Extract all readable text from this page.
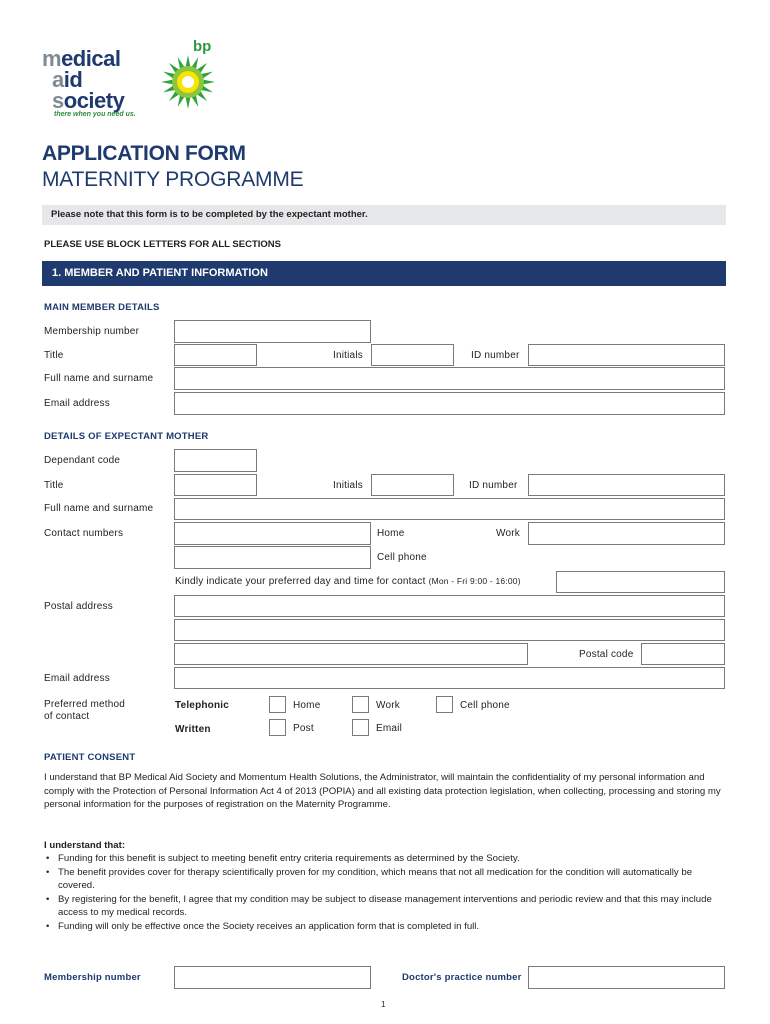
medical
aid
society
there when you need us.
bp
APPLICATION FORM
MATERNITY PROGRAMME
Please note that this form is to be completed by the expectant mother.
PLEASE USE BLOCK LETTERS FOR ALL SECTIONS
1. MEMBER AND PATIENT INFORMATION
MAIN MEMBER DETAILS
Membership number
Title	Initials	ID number
Full name and surname
Email address
DETAILS OF EXPECTANT MOTHER
Dependant code
Title	Initials	ID number
Full name and surname
Contact numbers	Home	Work
Cell phone
Kindly indicate your preferred day and time for contact (Mon - Fri 9:00 - 16:00)
Postal address
Postal code
Email address
Preferred method
of contact
Telephonic	Home	Work	Cell phone
Written	Post	Email
PATIENT CONSENT
I understand that BP Medical Aid Society and Momentum Health Solutions, the Administrator, will maintain the confidentiality of my personal information and comply with the Protection of Personal Information Act 4 of 2013 (POPIA) and all existing data protection legislation, when collecting, processing and storing my personal information for the purposes of registration on the Maternity Programme.
I understand that:
• Funding for this benefit is subject to meeting benefit entry criteria requirements as determined by the Society.
• The benefit provides cover for therapy scientifically proven for my condition, which means that not all medication for the condition will automatically be covered.
• By registering for the benefit, I agree that my condition may be subject to disease management interventions and periodic review and that this may include access to my medical records.
• Funding will only be effective once the Society receives an application form that is completed in full.
Membership number	Doctor's practice number
1
